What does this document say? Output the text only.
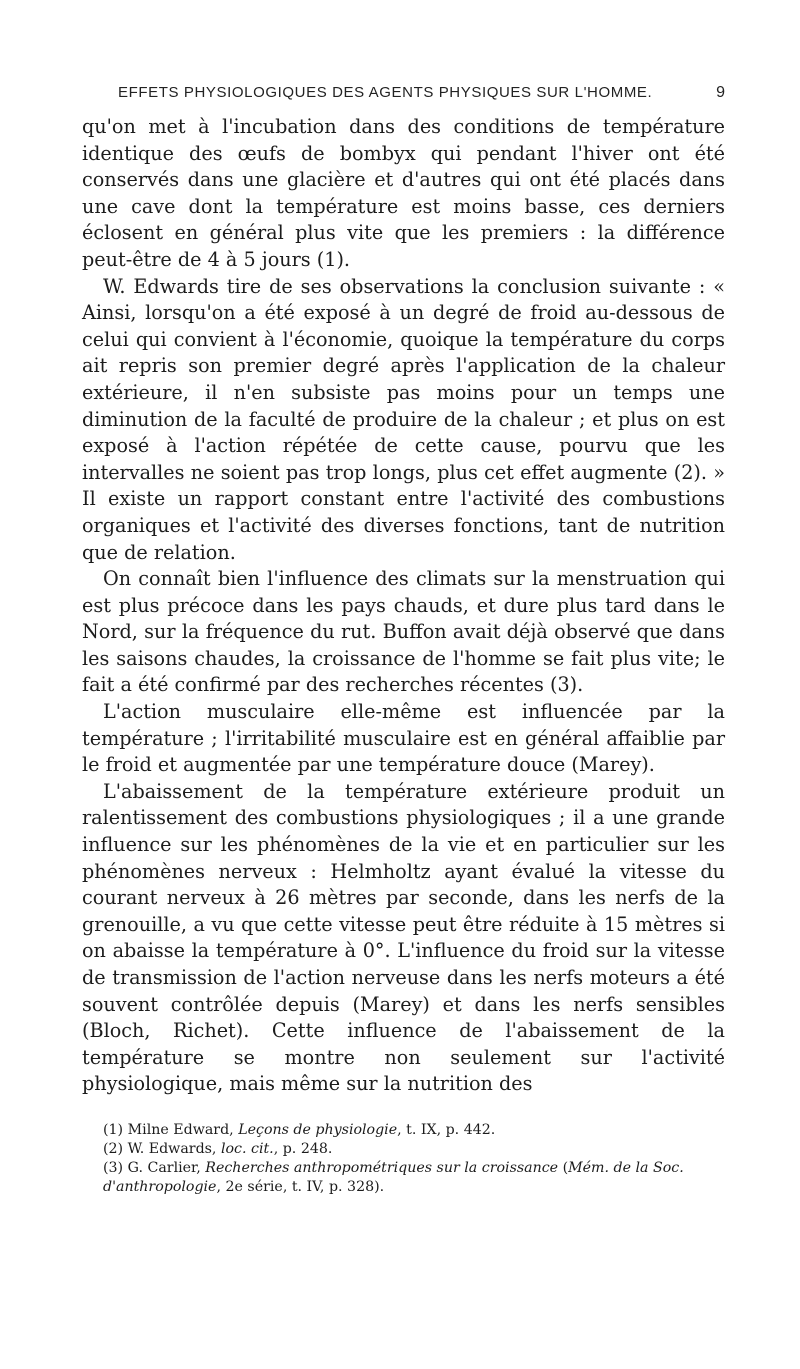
EFFETS PHYSIOLOGIQUES DES AGENTS PHYSIQUES SUR L'HOMME.	9

qu'on met à l'incubation dans des conditions de température identique des œufs de bombyx qui pendant l'hiver ont été conservés dans une glacière et d'autres qui ont été placés dans une cave dont la température est moins basse, ces derniers éclosent en général plus vite que les premiers : la différence peut-être de 4 à 5 jours (1).

W. Edwards tire de ses observations la conclusion suivante : « Ainsi, lorsqu'on a été exposé à un degré de froid au-dessous de celui qui convient à l'économie, quoique la température du corps ait repris son premier degré après l'application de la chaleur extérieure, il n'en subsiste pas moins pour un temps une diminution de la faculté de produire de la chaleur ; et plus on est exposé à l'action répétée de cette cause, pourvu que les intervalles ne soient pas trop longs, plus cet effet augmente (2). » Il existe un rapport constant entre l'activité des combustions organiques et l'activité des diverses fonctions, tant de nutrition que de relation.

On connaît bien l'influence des climats sur la menstruation qui est plus précoce dans les pays chauds, et dure plus tard dans le Nord, sur la fréquence du rut. Buffon avait déjà observé que dans les saisons chaudes, la croissance de l'homme se fait plus vite; le fait a été confirmé par des recherches récentes (3).

L'action musculaire elle-même est influencée par la température ; l'irritabilité musculaire est en général affaiblie par le froid et augmentée par une température douce (Marey).

L'abaissement de la température extérieure produit un ralentissement des combustions physiologiques ; il a une grande influence sur les phénomènes de la vie et en particulier sur les phénomènes nerveux : Helmholtz ayant évalué la vitesse du courant nerveux à 26 mètres par seconde, dans les nerfs de la grenouille, a vu que cette vitesse peut être réduite à 15 mètres si on abaisse la température à 0°. L'influence du froid sur la vitesse de transmission de l'action nerveuse dans les nerfs moteurs a été souvent contrôlée depuis (Marey) et dans les nerfs sensibles (Bloch, Richet). Cette influence de l'abaissement de la température se montre non seulement sur l'activité physiologique, mais même sur la nutrition des

(1) Milne Edward, Leçons de physiologie, t. IX, p. 442.

(2) W. Edwards, loc. cit., p. 248.

(3) G. Carlier, Recherches anthropométriques sur la croissance (Mém. de la Soc. d'anthropologie, 2e série, t. IV, p. 328).
